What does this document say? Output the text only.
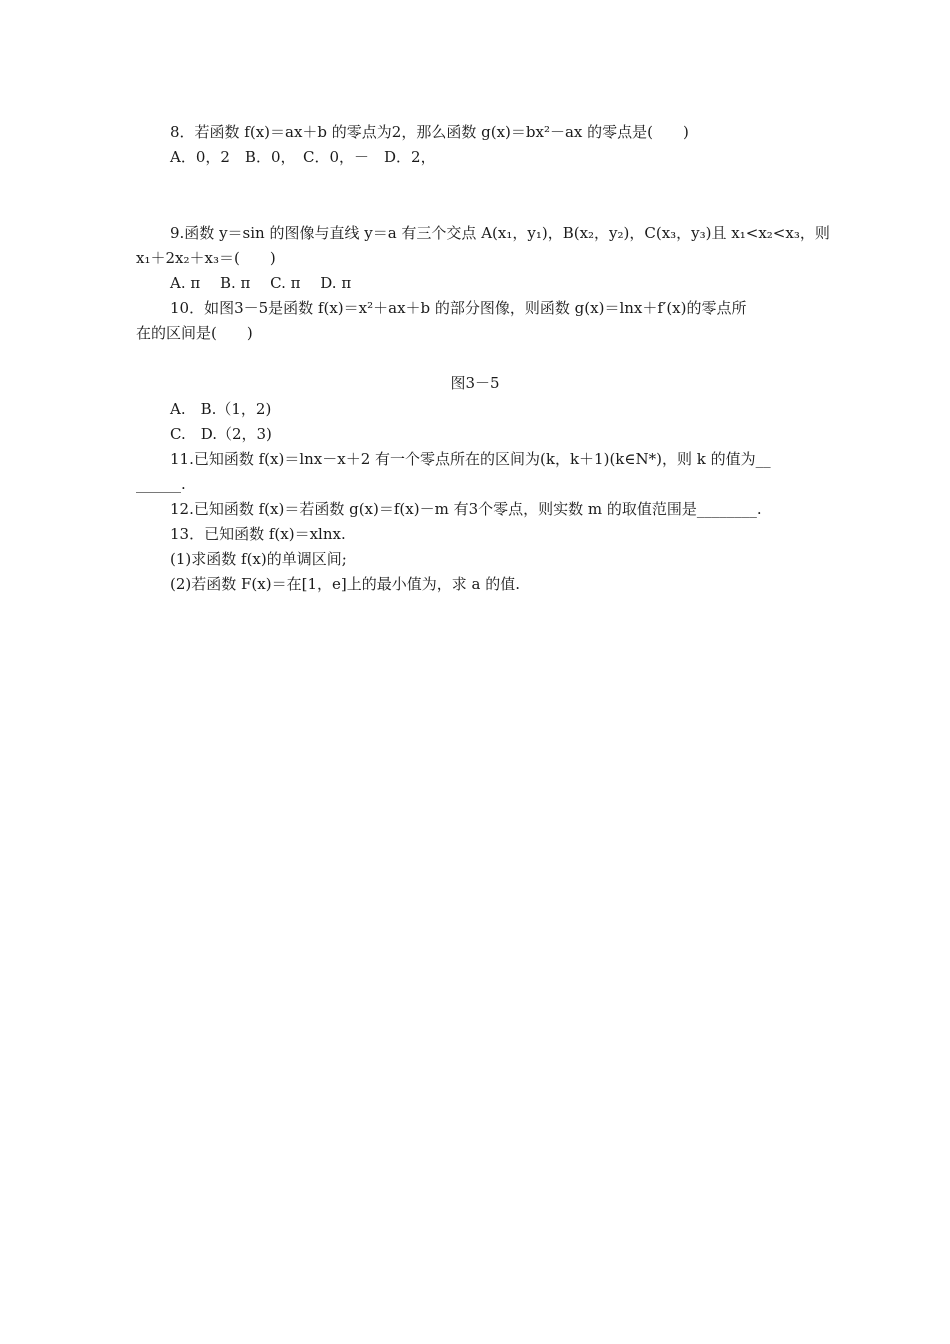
8．若函数 f(x)＝ax＋b 的零点为2，那么函数 g(x)＝bx²－ax 的零点是(　　)
A．0，2　B．0，　C．0，－　D．2，
9.函数 y＝sin 的图像与直线 y＝a 有三个交点 A(x₁，y₁)，B(x₂，y₂)，C(x₃，y₃)且 x₁<x₂<x₃，则
x₁＋2x₂＋x₃＝(　　)
A. π　 B. π　 C. π　 D. π
10．如图3－5是函数 f(x)＝x²＋ax＋b 的部分图像，则函数 g(x)＝lnx＋f′(x)的零点所
在的区间是(　　)
图3－5
A.　B.（1，2)
C.　D.（2，3)
11.已知函数 f(x)＝lnx－x＋2 有一个零点所在的区间为(k，k＋1)(k∈N*)，则 k 的值为__
______.
12.已知函数 f(x)＝若函数 g(x)＝f(x)－m 有3个零点，则实数 m 的取值范围是________.
13．已知函数 f(x)＝xlnx.
(1)求函数 f(x)的单调区间;
(2)若函数 F(x)＝在[1，e]上的最小值为，求 a 的值.
